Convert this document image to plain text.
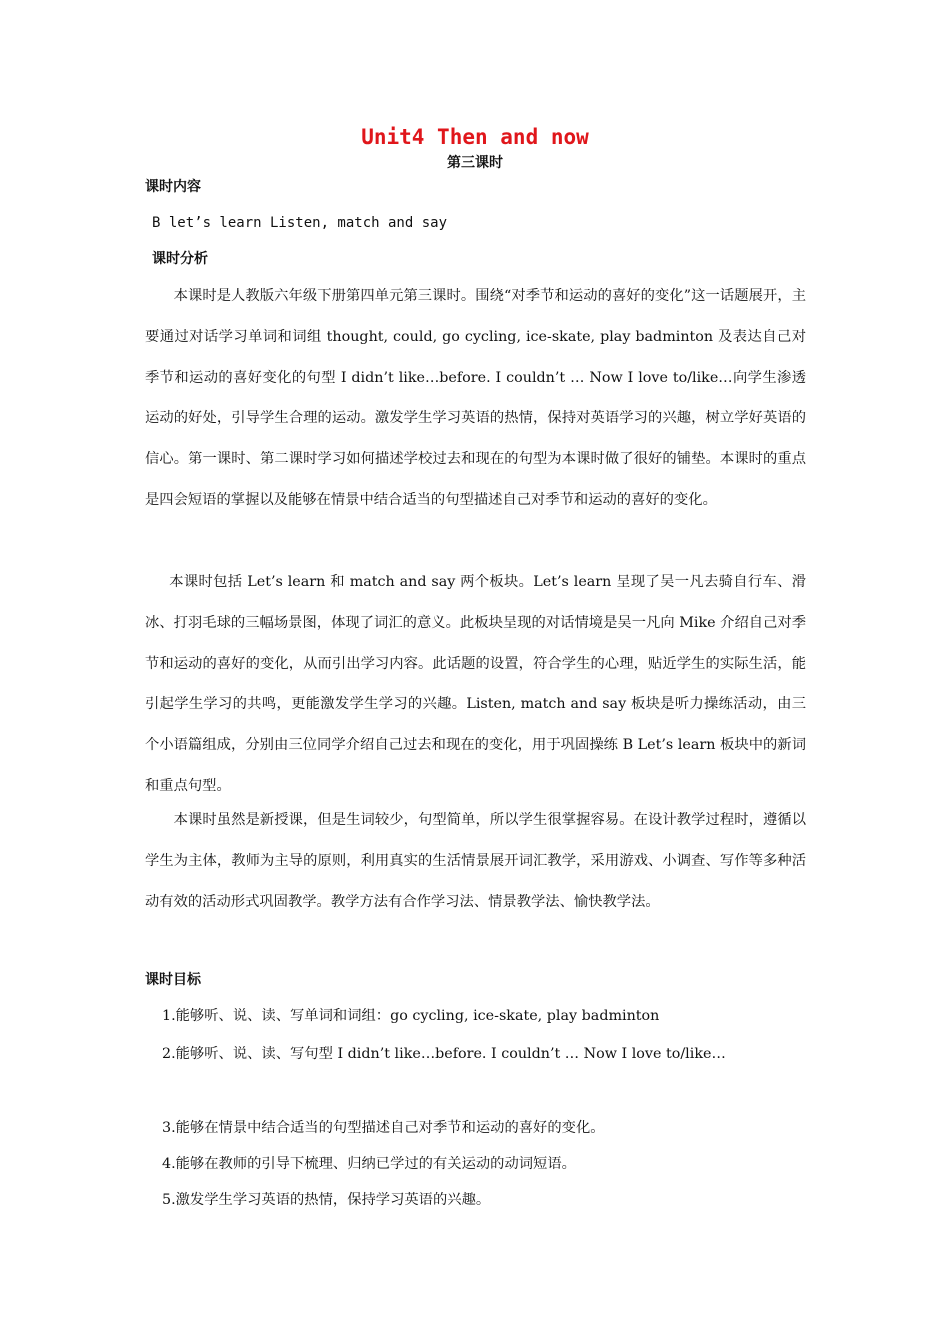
Unit4 Then and now
第三课时
课时内容
B let’s learn Listen, match and say
课时分析

本课时是人教版六年级下册第四单元第三课时。围绕“对季节和运动的喜好的变化”这一话题展开，主要通过对话学习单词和词组 thought, could, go cycling, ice-skate, play badminton 及表达自己对季节和运动的喜好变化的句型 I didn’t like…before. I couldn’t … Now I love to/like…向学生渗透运动的好处，引导学生合理的运动。激发学生学习英语的热情，保持对英语学习的兴趣，树立学好英语的信心。第一课时、第二课时学习如何描述学校过去和现在的句型为本课时做了很好的铺垫。本课时的重点是四会短语的掌握以及能够在情景中结合适当的句型描述自己对季节和运动的喜好的变化。

本课时包括 Let’s learn 和 match and say 两个板块。Let’s learn 呈现了吴一凡去骑自行车、滑冰、打羽毛球的三幅场景图，体现了词汇的意义。此板块呈现的对话情境是吴一凡向 Mike 介绍自己对季节和运动的喜好的变化，从而引出学习内容。此话题的设置，符合学生的心理，贴近学生的实际生活，能引起学生学习的共鸣，更能激发学生学习的兴趣。Listen, match and say 板块是听力操练活动，由三个小语篇组成，分别由三位同学介绍自己过去和现在的变化，用于巩固操练 B Let’s learn 板块中的新词和重点句型。

本课时虽然是新授课，但是生词较少，句型简单，所以学生很掌握容易。在设计教学过程时，遵循以学生为主体，教师为主导的原则，利用真实的生活情景展开词汇教学，采用游戏、小调查、写作等多种活动有效的活动形式巩固教学。教学方法有合作学习法、情景教学法、愉快教学法。

课时目标

1.能够听、说、读、写单词和词组：go cycling, ice-skate, play badminton

2.能够听、说、读、写句型 I didn’t like…before. I couldn’t … Now I love to/like…

3.能够在情景中结合适当的句型描述自己对季节和运动的喜好的变化。

4.能够在教师的引导下梳理、归纳已学过的有关运动的动词短语。

5.激发学生学习英语的热情，保持学习英语的兴趣。
